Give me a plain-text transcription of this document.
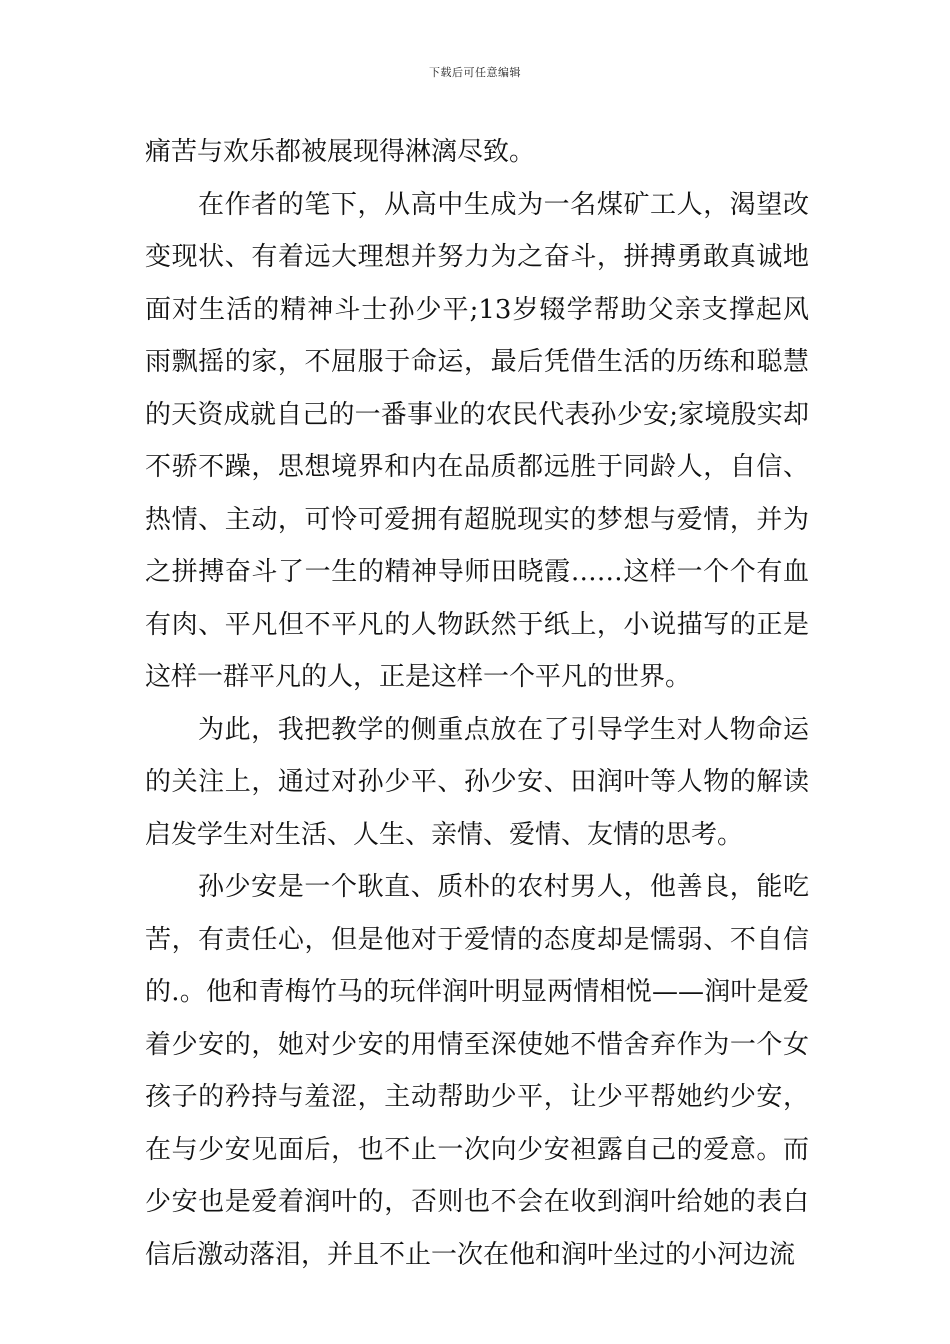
下载后可任意编辑

痛苦与欢乐都被展现得淋漓尽致。

在作者的笔下，从高中生成为一名煤矿工人，渴望改变现状、有着远大理想并努力为之奋斗，拼搏勇敢真诚地面对生活的精神斗士孙少平;13岁辍学帮助父亲支撑起风雨飘摇的家，不屈服于命运，最后凭借生活的历练和聪慧的天资成就自己的一番事业的农民代表孙少安;家境殷实却不骄不躁，思想境界和内在品质都远胜于同龄人，自信、热情、主动，可怜可爱拥有超脱现实的梦想与爱情，并为之拼搏奋斗了一生的精神导师田晓霞……这样一个个有血有肉、平凡但不平凡的人物跃然于纸上，小说描写的正是这样一群平凡的人，正是这样一个平凡的世界。

为此，我把教学的侧重点放在了引导学生对人物命运的关注上，通过对孙少平、孙少安、田润叶等人物的解读启发学生对生活、人生、亲情、爱情、友情的思考。

孙少安是一个耿直、质朴的农村男人，他善良，能吃苦，有责任心，但是他对于爱情的态度却是懦弱、不自信的.。他和青梅竹马的玩伴润叶明显两情相悦——润叶是爱着少安的，她对少安的用情至深使她不惜舍弃作为一个女孩子的矜持与羞涩，主动帮助少平，让少平帮她约少安，在与少安见面后，也不止一次向少安袒露自己的爱意。而少安也是爱着润叶的，否则也不会在收到润叶给她的表白信后激动落泪，并且不止一次在他和润叶坐过的小河边流
